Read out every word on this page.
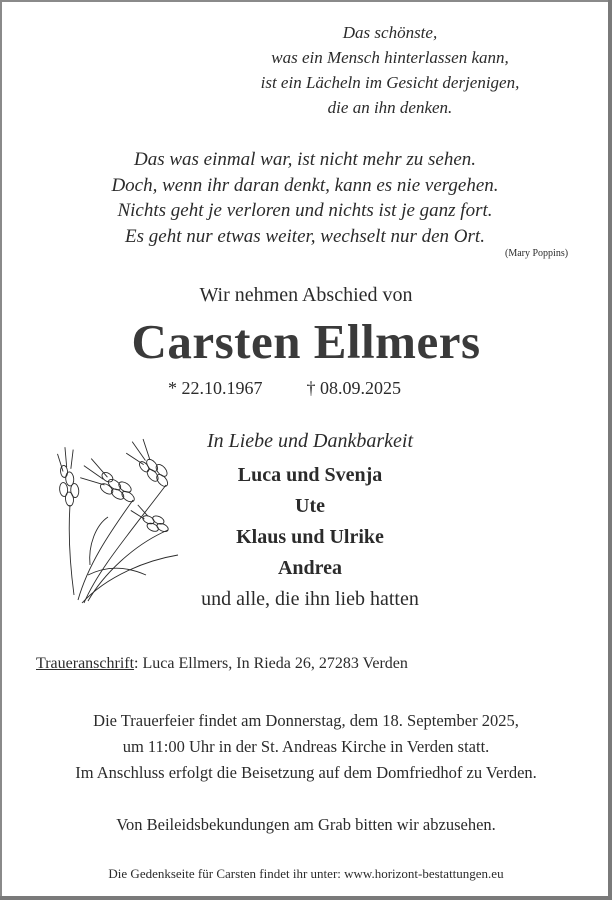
Das schönste,
was ein Mensch hinterlassen kann,
ist ein Lächeln im Gesicht derjenigen,
die an ihn denken.
Das was einmal war, ist nicht mehr zu sehen.
Doch, wenn ihr daran denkt, kann es nie vergehen.
Nichts geht je verloren und nichts ist je ganz fort.
Es geht nur etwas weiter, wechselt nur den Ort.
(Mary Poppins)
Wir nehmen Abschied von
Carsten Ellmers
* 22.10.1967 † 08.09.2025
In Liebe und Dankbarkeit
Luca und Svenja
Ute
Klaus und Ulrike
Andrea
und alle, die ihn lieb hatten
Traueranschrift: Luca Ellmers, In Rieda 26, 27283 Verden
Die Trauerfeier findet am Donnerstag, dem 18. September 2025,
um 11:00 Uhr in der St. Andreas Kirche in Verden statt.
Im Anschluss erfolgt die Beisetzung auf dem Domfriedhof zu Verden.
Von Beileidsbekundungen am Grab bitten wir abzusehen.
Die Gedenkseite für Carsten findet ihr unter: www.horizont-bestattungen.eu
